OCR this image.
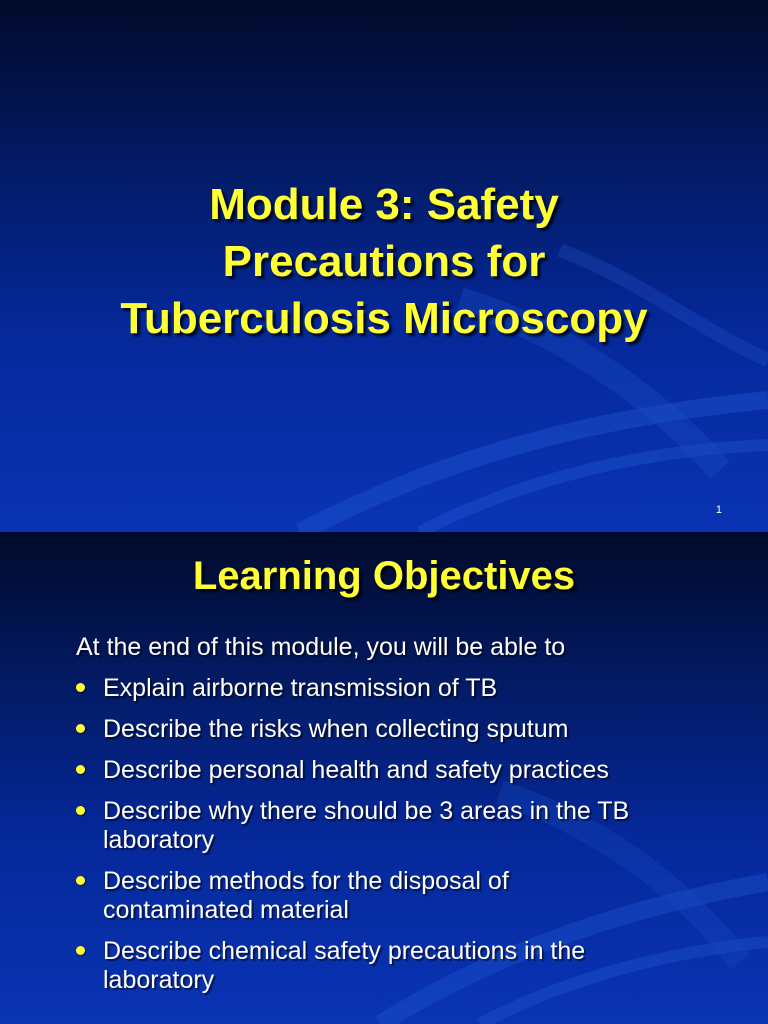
Module 3: Safety
Precautions for
Tuberculosis Microscopy
1
Learning Objectives
At the end of this module, you will be able to
Explain airborne transmission of TB
Describe the risks when collecting sputum
Describe personal health and safety practices
Describe why there should be 3 areas in the TB
laboratory
Describe methods for the disposal of
contaminated material
Describe chemical safety precautions in the
laboratory
